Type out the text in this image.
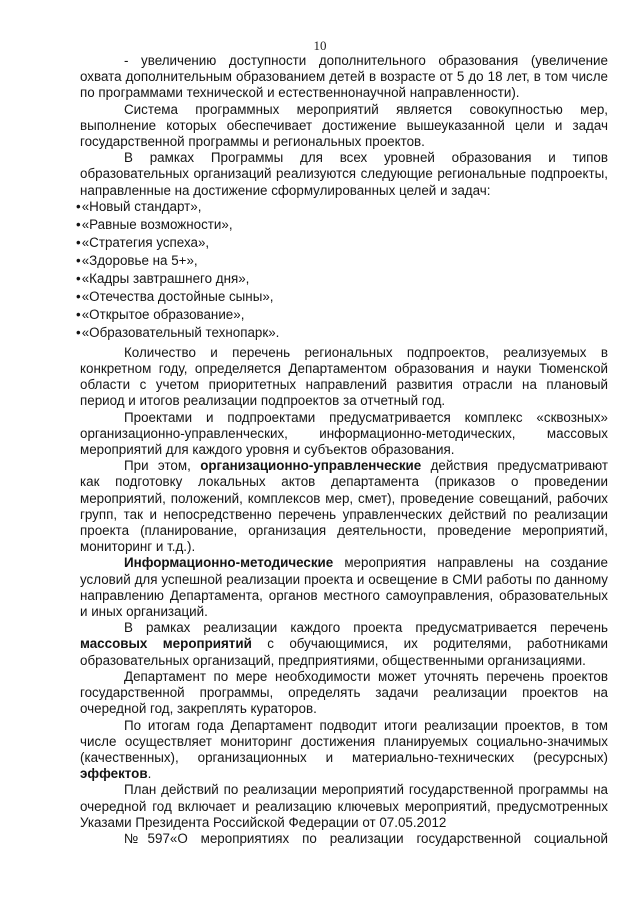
10

- увеличению доступности дополнительного образования (увеличение охвата дополнительным образованием детей в возрасте от 5 до 18 лет, в том числе по программами технической и естественнонаучной направленности).

Система программных мероприятий является совокупностью мер, выполнение которых обеспечивает достижение вышеуказанной цели и задач государственной программы и региональных проектов.

В рамках Программы для всех уровней образования и типов образовательных организаций реализуются следующие региональные подпроекты, направленные на достижение сформулированных целей и задач:

• «Новый стандарт»,
• «Равные возможности»,
• «Стратегия успеха»,
• «Здоровье на 5+»,
• «Кадры завтрашнего дня»,
• «Отечества достойные сыны»,
• «Открытое образование»,
• «Образовательный технопарк».

Количество и перечень региональных подпроектов, реализуемых в конкретном году, определяется Департаментом образования и науки Тюменской области с учетом приоритетных направлений развития отрасли на плановый период и итогов реализации подпроектов за отчетный год.

Проектами и подпроектами предусматривается комплекс «сквозных» организационно-управленческих, информационно-методических, массовых мероприятий для каждого уровня и субъектов образования.

При этом, организационно-управленческие действия предусматривают как подготовку локальных актов департамента (приказов о проведении мероприятий, положений, комплексов мер, смет), проведение совещаний, рабочих групп, так и непосредственно перечень управленческих действий по реализации проекта (планирование, организация деятельности, проведение мероприятий, мониторинг и т.д.).

Информационно-методические мероприятия направлены на создание условий для успешной реализации проекта и освещение в СМИ работы по данному направлению Департамента, органов местного самоуправления, образовательных и иных организаций.

В рамках реализации каждого проекта предусматривается перечень массовых мероприятий с обучающимися, их родителями, работниками образовательных организаций, предприятиями, общественными организациями.

Департамент по мере необходимости может уточнять перечень проектов государственной программы, определять задачи реализации проектов на очередной год, закреплять кураторов.

По итогам года Департамент подводит итоги реализации проектов, в том числе осуществляет мониторинг достижения планируемых социально-значимых (качественных), организационных и материально-технических (ресурсных) эффектов.

План действий по реализации мероприятий государственной программы на очередной год включает и реализацию ключевых мероприятий, предусмотренных Указами Президента Российской Федерации от 07.05.2012
№597«О мероприятиях по реализации государственной социальной
